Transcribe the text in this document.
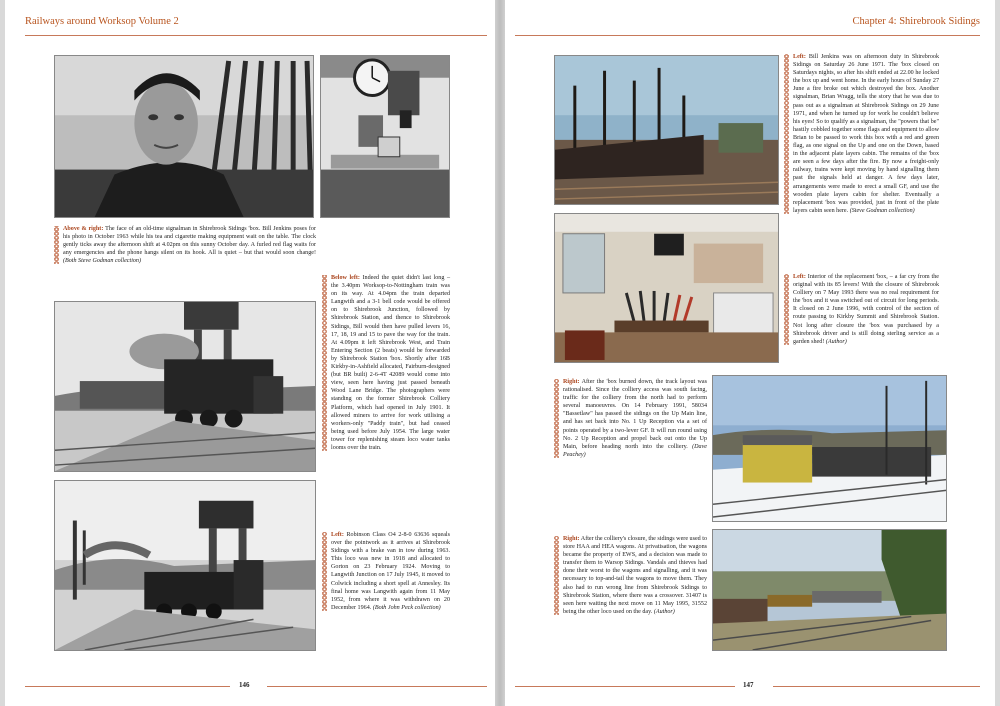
Railways around Worksop Volume 2
Above & right: The face of an old-time signalman in Shirebrook Sidings 'box. Bill Jenkins poses for his photo in October 1963 while his tea and cigarette making equipment wait on the table. The clock gently ticks away the afternoon shift at 4.02pm on this sunny October day. A furled red flag waits for any emergencies and the phone hangs silent on its hook. All is quiet – but that would soon change! (Both Steve Godman collection)
Below left: Indeed the quiet didn't last long – the 3.40pm Worksop-to-Nottingham train was on its way. At 4.04pm the train departed Langwith and a 3-1 bell code would be offered on to Shirebrook Junction, followed by Shirebrook Station, and thence to Shirebrook Sidings, Bill would then have pulled levers 16, 17, 18, 19 and 15 to pave the way for the train. At 4.09pm it left Shirebrook West, and Train Entering Section (2 beats) would be forwarded by Shirebrook Station 'box. Shortly after 16B Kirkby-in-Ashfield allocated, Fairburn-designed (but BR built) 2-6-4T 42089 would come into view, seen here having just passed beneath Wood Lane Bridge. The photographers were standing on the former Shirebrook Colliery Platform, which had opened in July 1901. It allowed miners to arrive for work utilising a workers-only "Paddy train", but had ceased being used before July 1954. The large water tower for replenishing steam loco water tanks looms over the train.
Left: Robinson Class O4 2-8-0 63636 squeals over the pointwork as it arrives at Shirebrook Sidings with a brake van in tow during 1963. This loco was new in 1918 and allocated to Gorton on 23 February 1924. Moving to Langwith Junction on 17 July 1945, it moved to Colwick including a short spell at Annesley. Its final home was Langwith again from 11 May 1952, from where it was withdrawn on 20 December 1964. (Both John Peck collection)
146
Chapter 4: Shirebrook Sidings
Left: Bill Jenkins was on afternoon duty in Shirebrook Sidings on Saturday 26 June 1971. The 'box closed on Saturdays nights, so after his shift ended at 22.00 he locked the box up and went home. In the early hours of Sunday 27 June a fire broke out which destroyed the box. Another signalman, Brian Wragg, tells the story that he was due to pass out as a signalman at Shirebrook Sidings on 29 June 1971, and when he turned up for work he couldn't believe his eyes! So to qualify as a signalman, the "powers that be" hastily cobbled together some flags and equipment to allow Brian to be passed to work this box with a red and green flag, as one signal on the Up and one on the Down, based in the adjacent plate layers cabin. The remains of the 'box are seen a few days after the fire. By now a freight-only railway, trains were kept moving by hand signalling them past the signals held at danger. A few days later, arrangements were made to erect a small GF, and use the wooden plate layers cabin for shelter. Eventually a replacement 'box was provided, just in front of the plate layers cabin seen here. (Steve Godman collection)
Left: Interior of the replacement 'box, – a far cry from the original with its 85 levers! With the closure of Shirebrook Colliery on 7 May 1993 there was no real requirement for the 'box and it was switched out of circuit for long periods. It closed on 2 June 1996, with control of the section of route passing to Kirkby Summit and Shirebrook Station. Not long after closure the 'box was purchased by a Shirebrook driver and is still doing sterling service as a garden shed! (Author)
Right: After the 'box burned down, the track layout was rationalised. Since the colliery access was south facing, traffic for the colliery from the north had to perform several manoeuvres. On 14 February 1991, 58034 "Bassetlaw" has passed the sidings on the Up Main line, and has set back into No. 1 Up Reception via a set of points operated by a two-lever GF. It will run round using No. 2 Up Reception and propel back out onto the Up Main, before heading north into the colliery. (Dave Peachey)
Right: After the colliery's closure, the sidings were used to store HAA and HEA wagons. At privatisation, the wagons became the property of EWS, and a decision was made to transfer them to Warsop Sidings. Vandals and thieves had done their worst to the wagons and signalling, and it was necessary to top-and-tail the wagons to move them. They also had to run wrong line from Shirebrook Sidings to Shirebrook Station, where there was a crossover. 31407 is seen here waiting the next move on 11 May 1995, 31552 being the other loco used on the day. (Author)
147
